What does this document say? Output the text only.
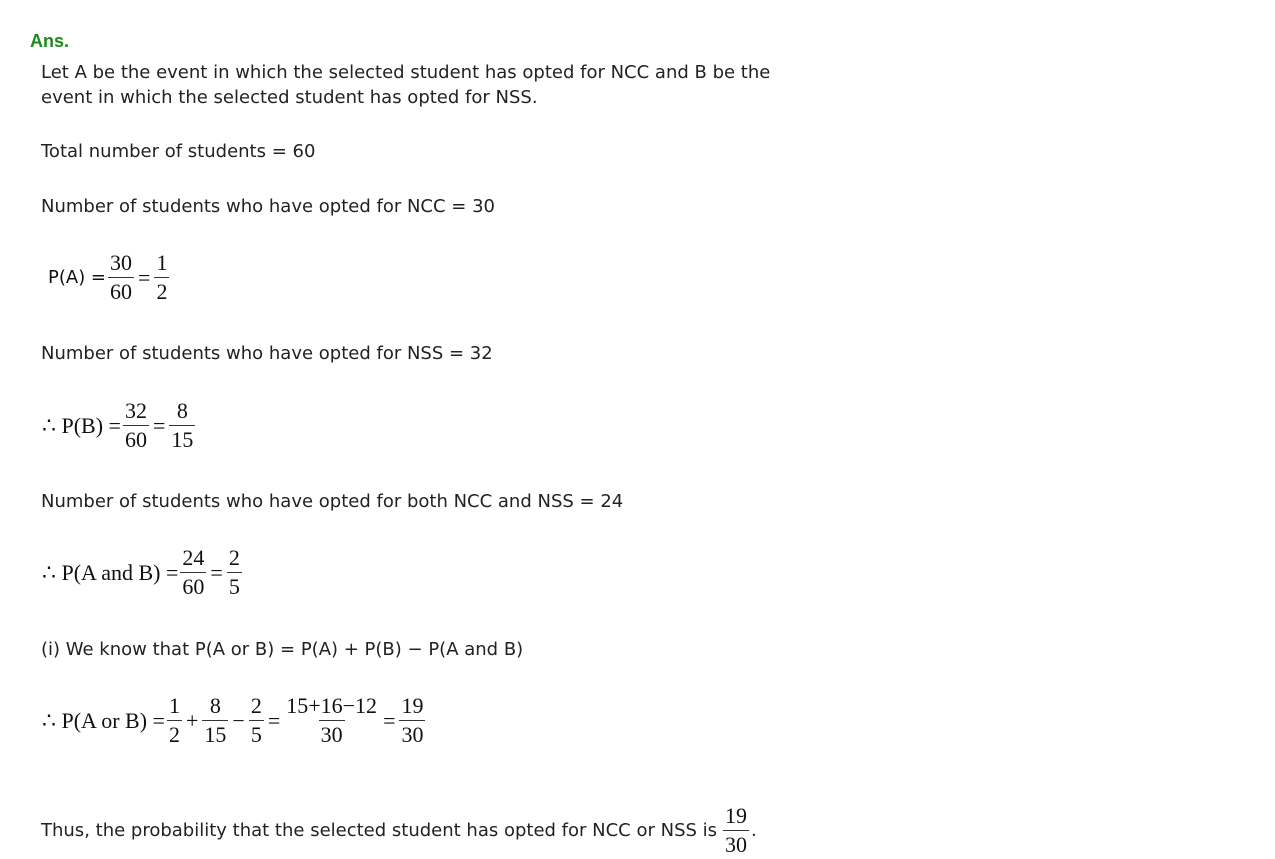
Ans.
Let A be the event in which the selected student has opted for NCC and B be the
event in which the selected student has opted for NSS.
Total number of students = 60
Number of students who have opted for NCC = 30
$P(A) = \frac{30}{60} = \frac{1}{2}$
Number of students who have opted for NSS = 32
∴ $P(B) = \frac{32}{60} = \frac{8}{15}$
Number of students who have opted for both NCC and NSS = 24
∴ P(A and $B) = \frac{24}{60} = \frac{2}{5}$
(i) We know that P(A or B) = P(A) + P(B) − P(A and B)
∴ P(A or $B) = \frac{1}{2} + \frac{8}{15} - \frac{2}{5} = \frac{15+16-12}{30} = \frac{19}{30}$
Thus, the probability that the selected student has opted for NCC or NSS is $\frac{19}{30}$ .
